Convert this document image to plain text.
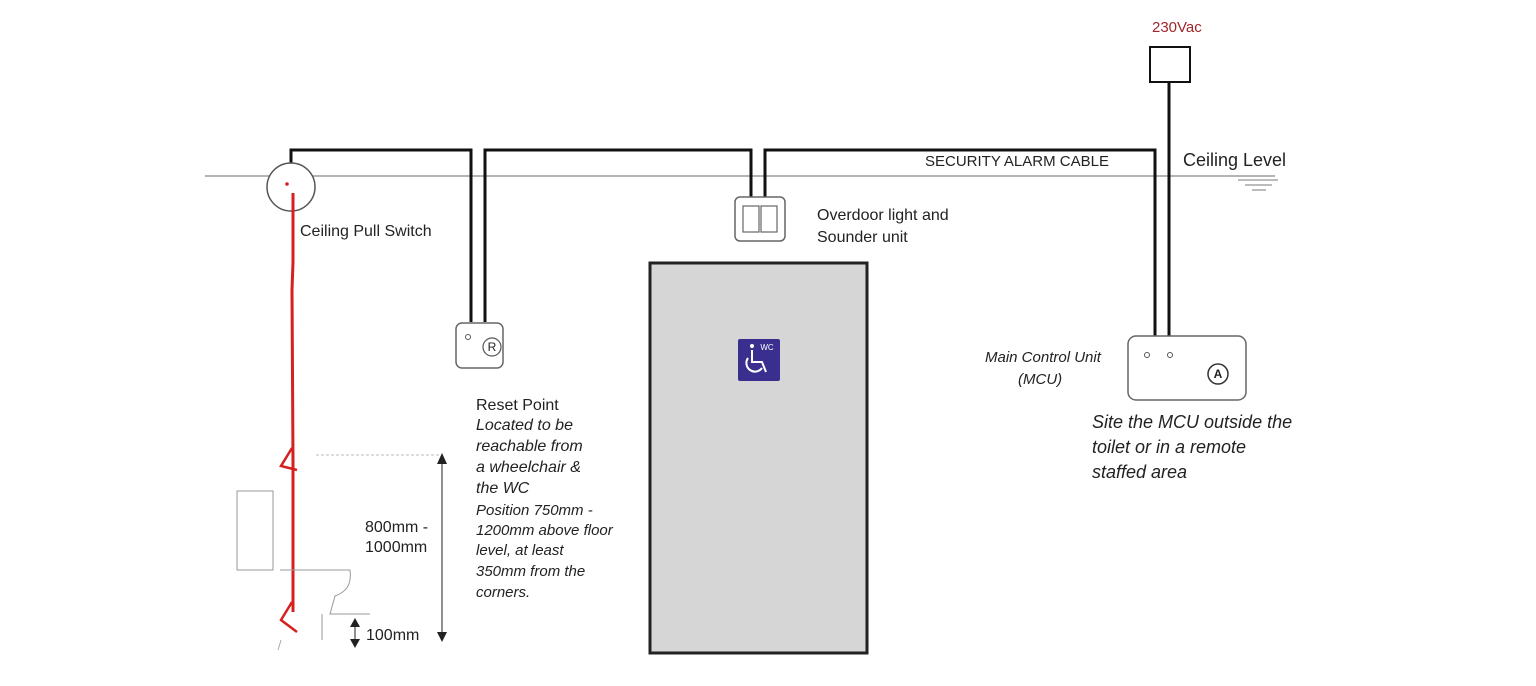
230Vac
SECURITY ALARM CABLE	Ceiling Level
Ceiling Pull Switch
800mm -
1000mm
100mm
R
Reset Point
Located to be
reachable from
a wheelchair &
the WC
Position 750mm -
1200mm above floor
level, at least
350mm from the
corners.
Overdoor light and
Sounder unit
WC
A
Main Control Unit
(MCU)
Site the MCU outside the
toilet or in a remote
staffed area
